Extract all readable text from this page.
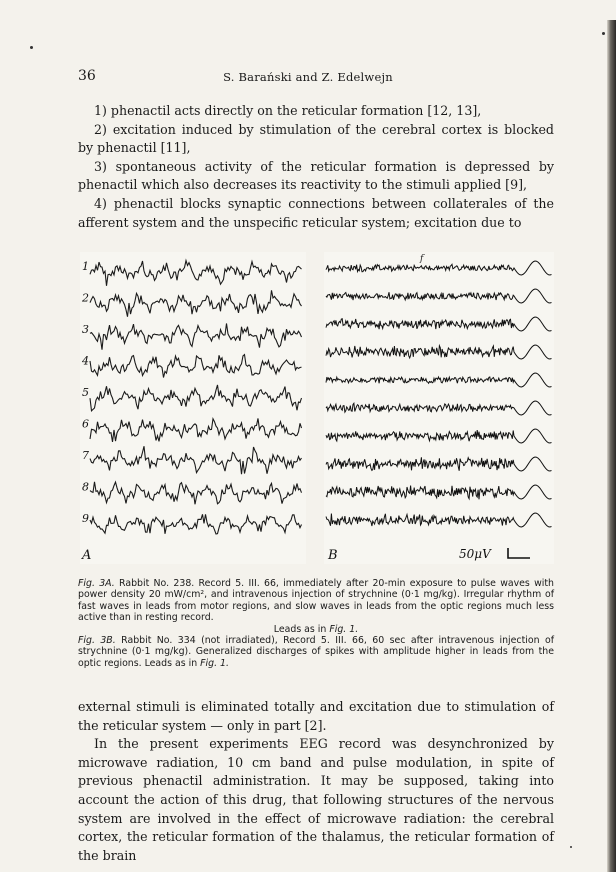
36	S. Barański and Z. Edelwejn

1) phenactil acts directly on the reticular formation [12, 13],

2) excitation induced by stimulation of the cerebral cortex is blocked by phenactil [11],

3) spontaneous activity of the reticular formation is depressed by phenactil which also decreases its reactivity to the stimuli applied [9],

4) phenactil blocks synaptic connections between collaterales of the afferent system and the unspecific reticular system; excitation due to

1
2
3
4
5
6
7
8
9
A
f
B	50μV

Fig. 3A. Rabbit No. 238. Record 5. III. 66, immediately after 20-min exposure to pulse waves with power density 20 mW/cm², and intravenous injection of strychnine (0·1 mg/kg). Irregular rhythm of fast waves in leads from motor regions, and slow waves in leads from the optic regions much less active than in resting record.

Leads as in Fig. 1.

Fig. 3B. Rabbit No. 334 (not irradiated), Record 5. III. 66, 60 sec after intravenous injection of strychnine (0·1 mg/kg). Generalized discharges of spikes with amplitude higher in leads from the optic regions. Leads as in Fig. 1.

external stimuli is eliminated totally and excitation due to stimulation of the reticular system — only in part [2].

In the present experiments EEG record was desynchronized by microwave radiation, 10 cm band and pulse modulation, in spite of previous phenactil administration. It may be supposed, taking into account the action of this drug, that following structures of the nervous system are involved in the effect of microwave radiation: the cerebral cortex, the reticular formation of the thalamus, the reticular formation of the brain
